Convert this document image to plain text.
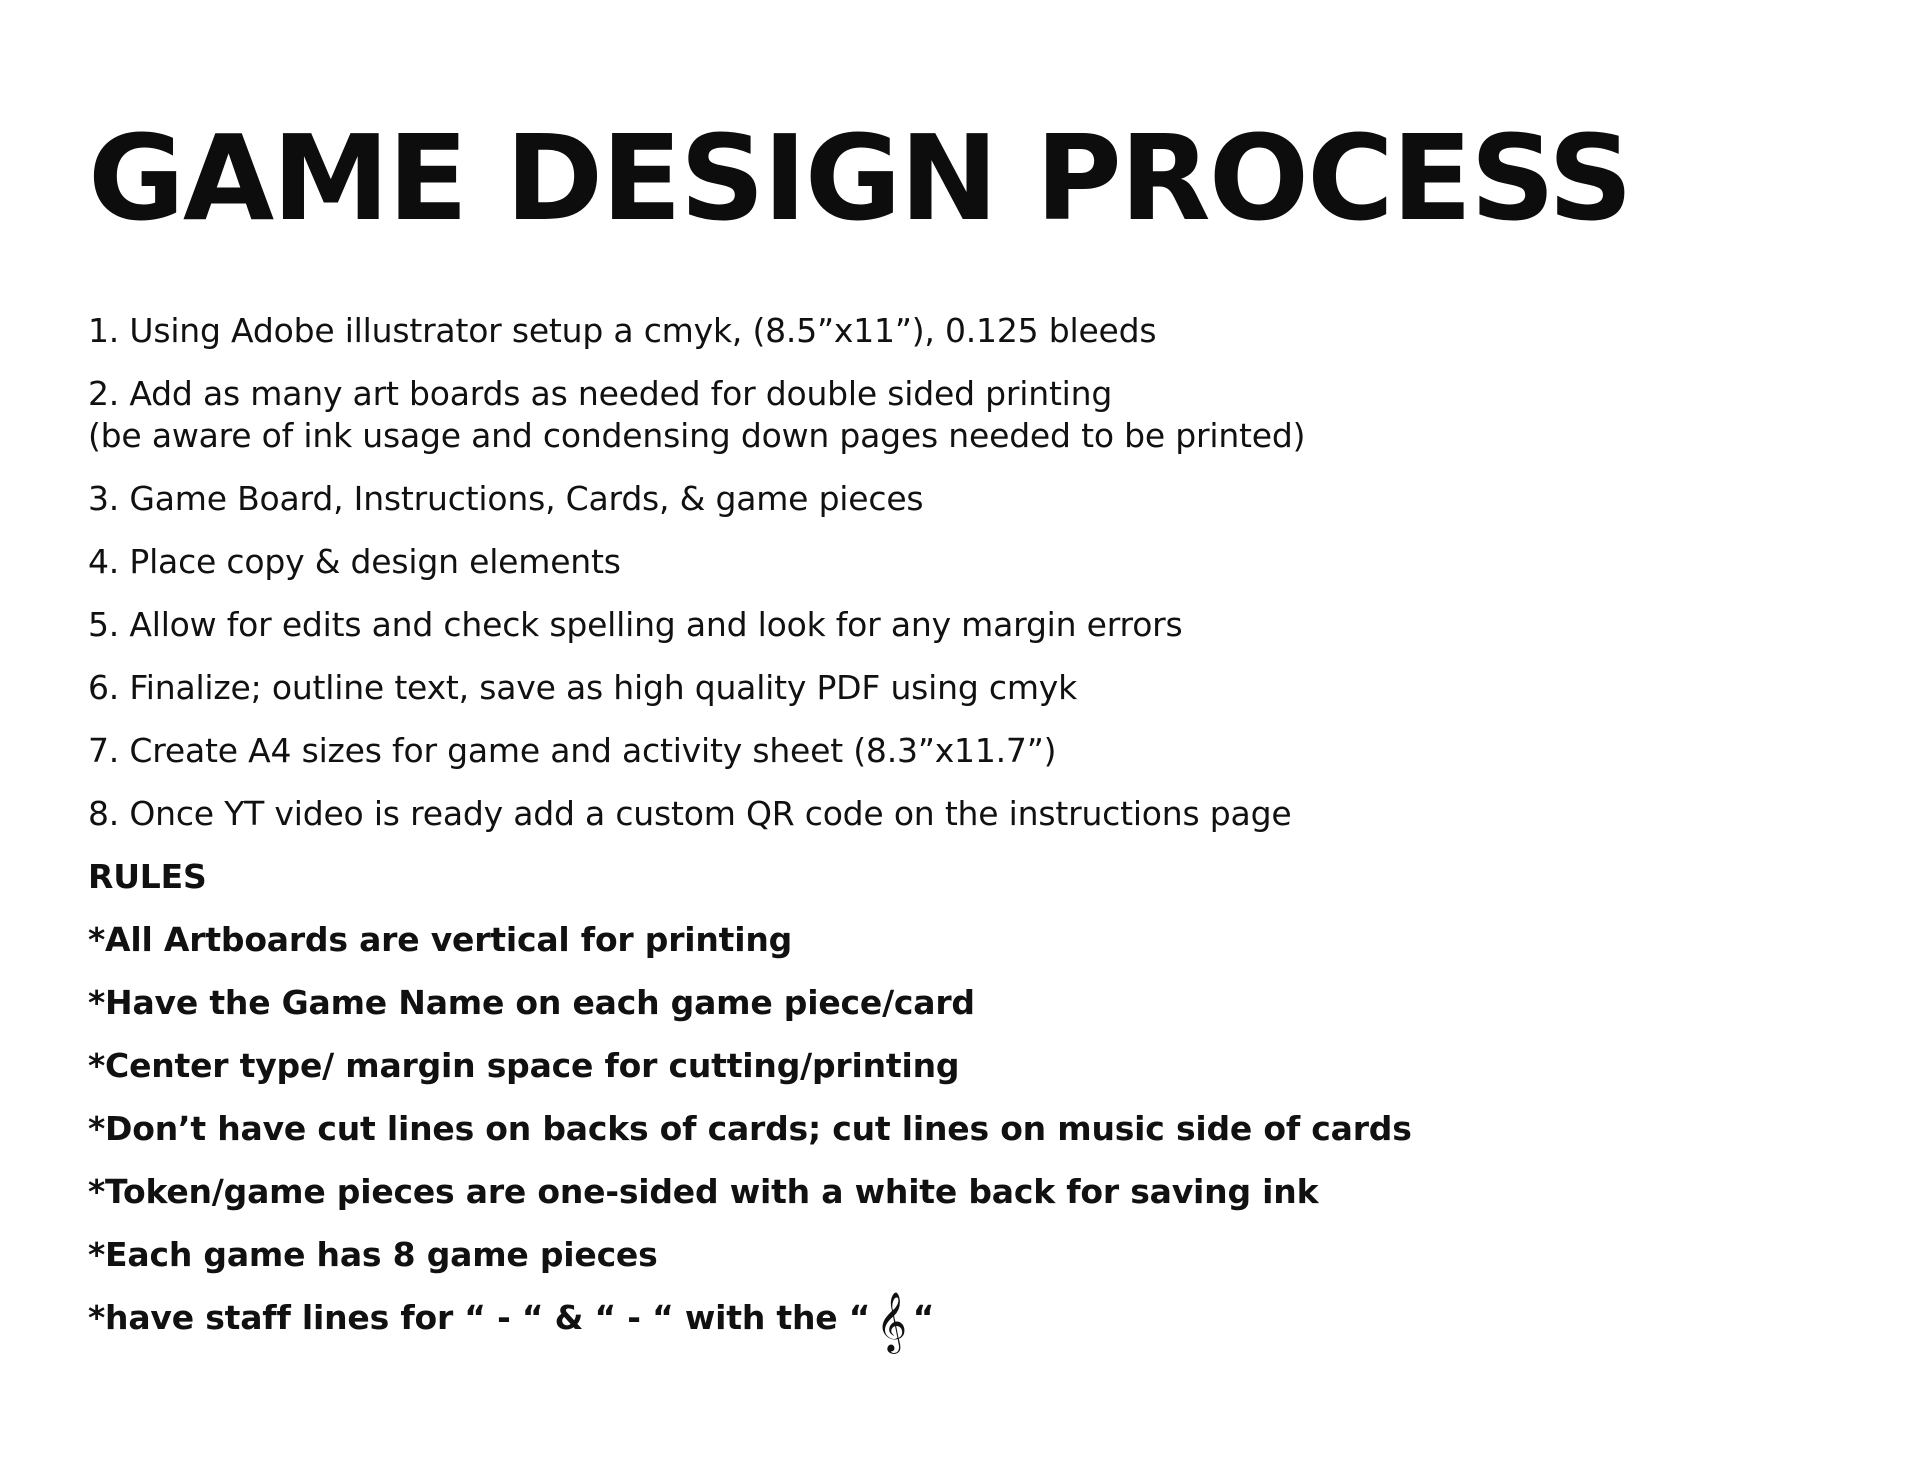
GAME DESIGN PROCESS

1. Using Adobe illustrator setup a cmyk, (8.5”x11”), 0.125 bleeds

2. Add as many art boards as needed for double sided printing

(be aware of ink usage and condensing down pages needed to be printed)

3. Game Board, Instructions, Cards, & game pieces

4. Place copy & design elements

5. Allow for edits and check spelling and look for any margin errors

6. Finalize; outline text, save as high quality PDF using cmyk

7. Create A4 sizes for game and activity sheet (8.3”x11.7”)

8. Once YT video is ready add a custom QR code on the instructions page

RULES

*All Artboards are vertical for printing

*Have the Game Name on each game piece/card

*Center type/ margin space for cutting/printing

*Don’t have cut lines on backs of cards; cut lines on music side of cards

*Token/game pieces are one-sided with a white back for saving ink

*Each game has 8 game pieces

*have staff lines for “ - “ & “ - “ with the “ 𝄞 “
